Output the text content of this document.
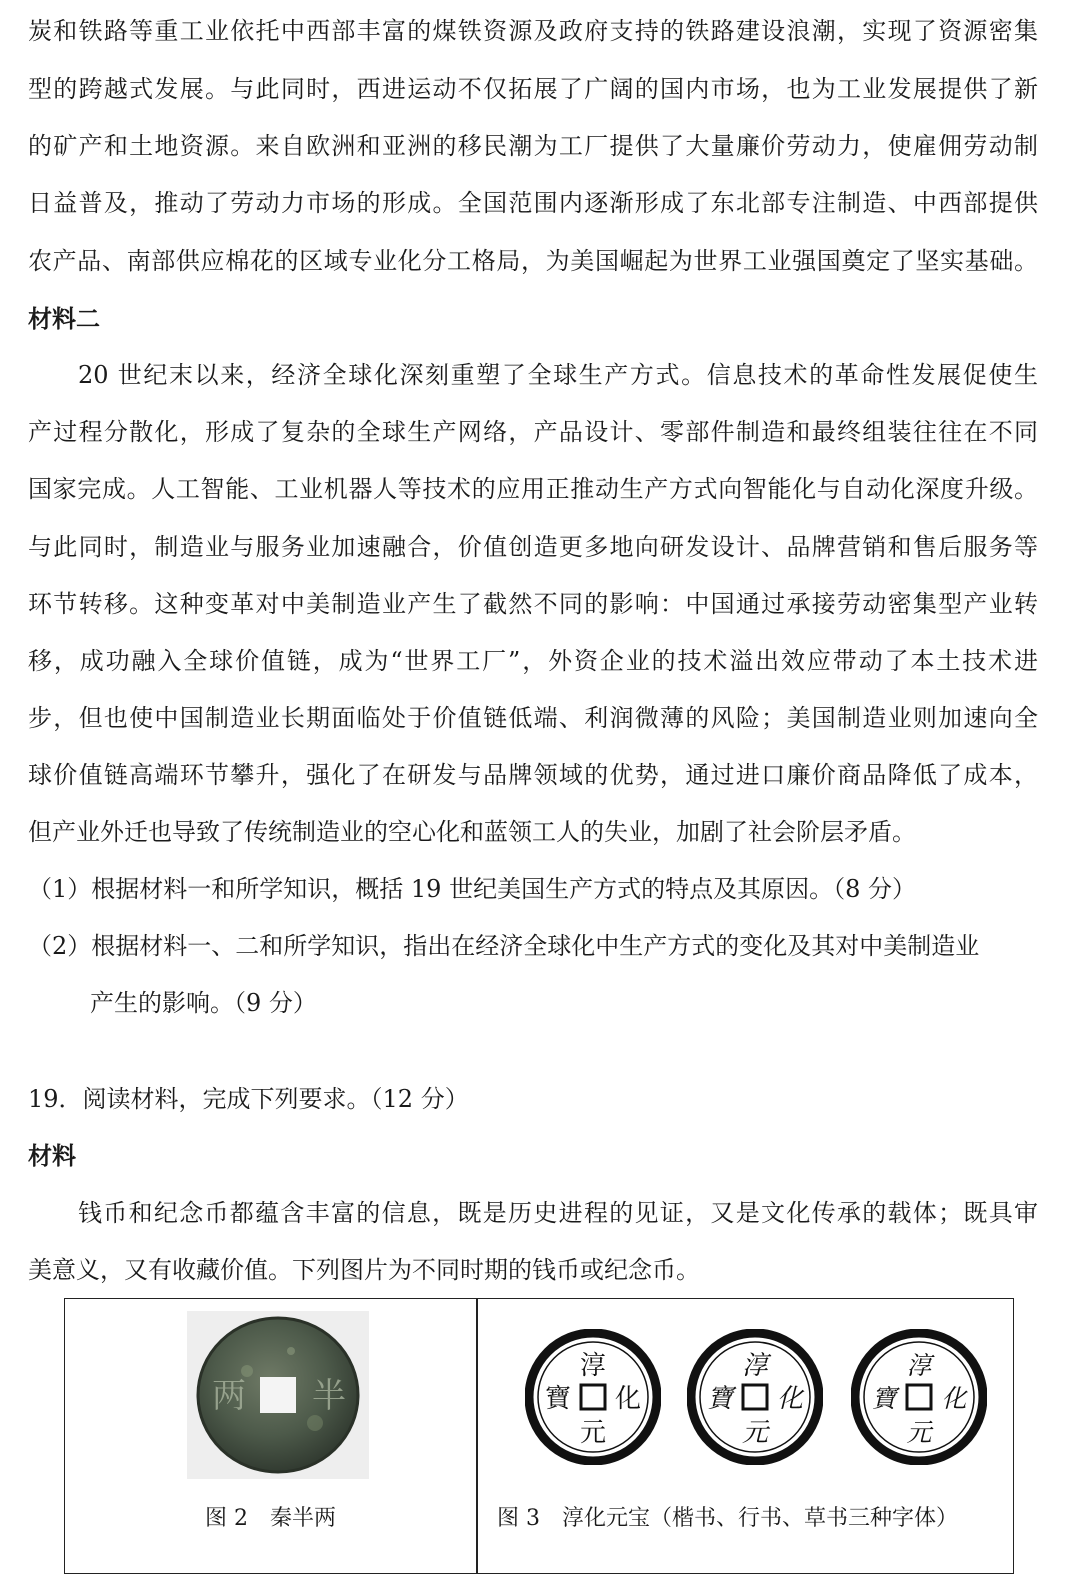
炭和铁路等重工业依托中西部丰富的煤铁资源及政府支持的铁路建设浪潮，实现了资源密集
型的跨越式发展。与此同时，西进运动不仅拓展了广阔的国内市场，也为工业发展提供了新
的矿产和土地资源。来自欧洲和亚洲的移民潮为工厂提供了大量廉价劳动力，使雇佣劳动制
日益普及，推动了劳动力市场的形成。全国范围内逐渐形成了东北部专注制造、中西部提供
农产品、南部供应棉花的区域专业化分工格局，为美国崛起为世界工业强国奠定了坚实基础。
材料二
20 世纪末以来，经济全球化深刻重塑了全球生产方式。信息技术的革命性发展促使生
产过程分散化，形成了复杂的全球生产网络，产品设计、零部件制造和最终组装往往在不同
国家完成。人工智能、工业机器人等技术的应用正推动生产方式向智能化与自动化深度升级。
与此同时，制造业与服务业加速融合，价值创造更多地向研发设计、品牌营销和售后服务等
环节转移。这种变革对中美制造业产生了截然不同的影响：中国通过承接劳动密集型产业转
移，成功融入全球价值链，成为“世界工厂”，外资企业的技术溢出效应带动了本土技术进
步，但也使中国制造业长期面临处于价值链低端、利润微薄的风险；美国制造业则加速向全
球价值链高端环节攀升，强化了在研发与品牌领域的优势，通过进口廉价商品降低了成本，
但产业外迁也导致了传统制造业的空心化和蓝领工人的失业，加剧了社会阶层矛盾。
（1）根据材料一和所学知识，概括 19 世纪美国生产方式的特点及其原因。（8 分）
（2）根据材料一、二和所学知识，指出在经济全球化中生产方式的变化及其对中美制造业
产生的影响。（9 分）
19．阅读材料，完成下列要求。（12 分）
材料
钱币和纪念币都蕴含丰富的信息，既是历史进程的见证，又是文化传承的载体；既具审
美意义，又有收藏价值。下列图片为不同时期的钱币或纪念币。
两 半
图 2　秦半两
淳
化
元
寶
淳
化
元
寶
淳
化
元
寶
图 3　淳化元宝（楷书、行书、草书三种字体）
